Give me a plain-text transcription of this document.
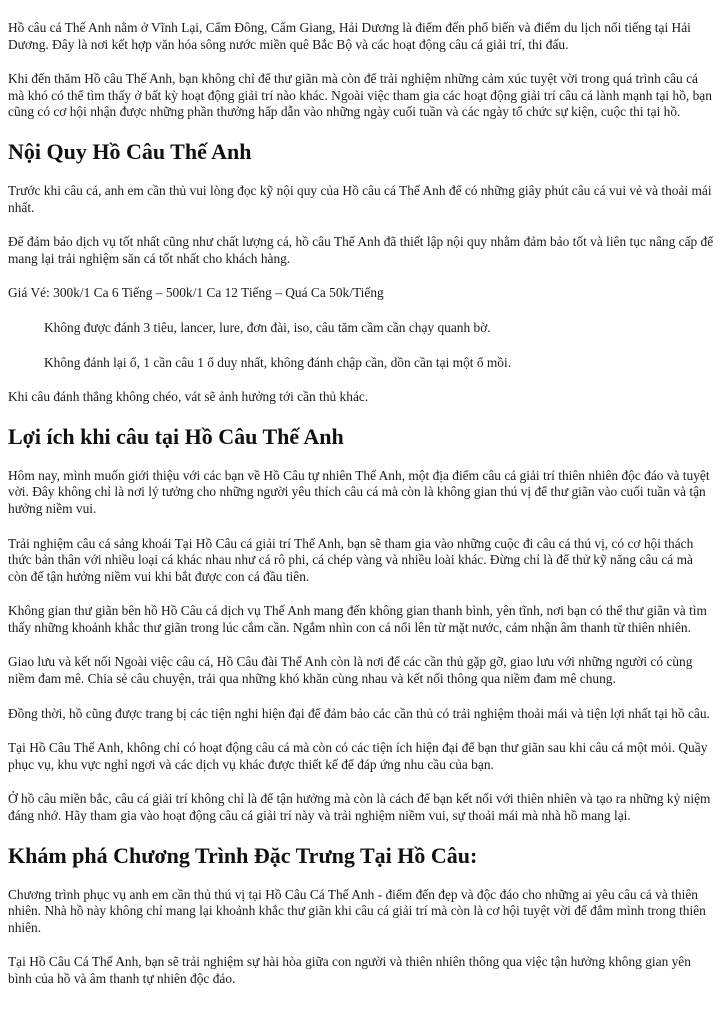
Hồ câu cá Thế Anh nằm ở Vĩnh Lại, Cẩm Đông, Cẩm Giang, Hải Dương là điểm đến phổ biến và điểm du lịch nổi tiếng tại Hải Dương. Đây là nơi kết hợp văn hóa sông nước miền quê Bắc Bộ và các hoạt động câu cá giải trí, thi đấu.

Khi đến thăm Hồ câu Thế Anh, bạn không chỉ để thư giãn mà còn để trải nghiệm những cảm xúc tuyệt vời trong quá trình câu cá mà khó có thể tìm thấy ở bất kỳ hoạt động giải trí nào khác. Ngoài việc tham gia các hoạt động giải trí câu cá lành mạnh tại hồ, bạn cũng có cơ hội nhận được những phần thưởng hấp dẫn vào những ngày cuối tuần và các ngày tổ chức sự kiện, cuộc thi tại hồ.

Nội Quy Hồ Câu Thế Anh

Trước khi câu cá, anh em cần thủ vui lòng đọc kỹ nội quy của Hồ câu cá Thế Anh để có những giây phút câu cá vui vẻ và thoải mái nhất.

Để đảm bảo dịch vụ tốt nhất cũng như chất lượng cá, hồ câu Thế Anh đã thiết lập nội quy nhằm đảm bảo tốt và liên tục nâng cấp để mang lại trải nghiệm săn cá tốt nhất cho khách hàng.

Giá Vé: 300k/1 Ca 6 Tiếng – 500k/1 Ca 12 Tiếng – Quá Ca 50k/Tiếng

Không được đánh 3 tiêu, lancer, lure, đơn đài, iso, câu tăm cầm cần chạy quanh bờ.

Không đánh lại ổ, 1 cần câu 1 ổ duy nhất, không đánh chập cần, dồn cần tại một ổ mồi.

Khi câu đánh thẳng không chéo, vát sẽ ảnh hưởng tới cần thủ khác.

Lợi ích khi câu tại Hồ Câu Thế Anh

Hôm nay, mình muốn giới thiệu với các bạn về Hồ Câu tự nhiên Thế Anh, một địa điểm câu cá giải trí thiên nhiên độc đáo và tuyệt vời. Đây không chỉ là nơi lý tưởng cho những người yêu thích câu cá mà còn là không gian thú vị để thư giãn vào cuối tuần và tận hưởng niềm vui.

Trải nghiệm câu cá sảng khoái Tại Hồ Câu cá giải trí Thế Anh, bạn sẽ tham gia vào những cuộc đi câu cá thú vị, có cơ hội thách thức bản thân với nhiều loại cá khác nhau như cá rô phi, cá chép vàng và nhiều loài khác. Đừng chỉ là để thử kỹ năng câu cá mà còn để tận hưởng niềm vui khi bắt được con cá đầu tiên.

Không gian thư giãn bên hồ Hồ Câu cá dịch vụ Thế Anh mang đến không gian thanh bình, yên tĩnh, nơi bạn có thể thư giãn và tìm thấy những khoảnh khắc thư giãn trong lúc cắm cần. Ngắm nhìn con cá nổi lên từ mặt nước, cảm nhận âm thanh từ thiên nhiên.

Giao lưu và kết nối Ngoài việc câu cá, Hồ Câu đài Thế Anh còn là nơi để các cần thủ gặp gỡ, giao lưu với những người có cùng niềm đam mê. Chia sẻ câu chuyện, trải qua những khó khăn cùng nhau và kết nối thông qua niềm đam mê chung.

Đồng thời, hồ cũng được trang bị các tiện nghi hiện đại để đảm bảo các cần thủ có trải nghiệm thoải mái và tiện lợi nhất tại hồ câu.

Tại Hồ Câu Thế Anh, không chỉ có hoạt động câu cá mà còn có các tiện ích hiện đại để bạn thư giãn sau khi câu cá một mỏi. Quầy phục vụ, khu vực nghỉ ngơi và các dịch vụ khác được thiết kế để đáp ứng nhu cầu của bạn.

Ở hồ câu miền bắc, câu cá giải trí không chỉ là để tận hưởng mà còn là cách để bạn kết nối với thiên nhiên và tạo ra những kỷ niệm đáng nhớ. Hãy tham gia vào hoạt động câu cá giải trí này và trải nghiệm niềm vui, sự thoải mái mà nhà hồ mang lại.

Khám phá Chương Trình Đặc Trưng Tại Hồ Câu:

Chương trình phục vụ anh em cần thủ thú vị tại Hồ Câu Cá Thế Anh - điểm đến đẹp và độc đáo cho những ai yêu câu cá và thiên nhiên. Nhà hồ này không chỉ mang lại khoảnh khắc thư giãn khi câu cá giải trí mà còn là cơ hội tuyệt vời để đắm mình trong thiên nhiên.

Tại Hồ Câu Cá Thế Anh, bạn sẽ trải nghiệm sự hài hòa giữa con người và thiên nhiên thông qua việc tận hưởng không gian yên bình của hồ và âm thanh tự nhiên độc đáo.
